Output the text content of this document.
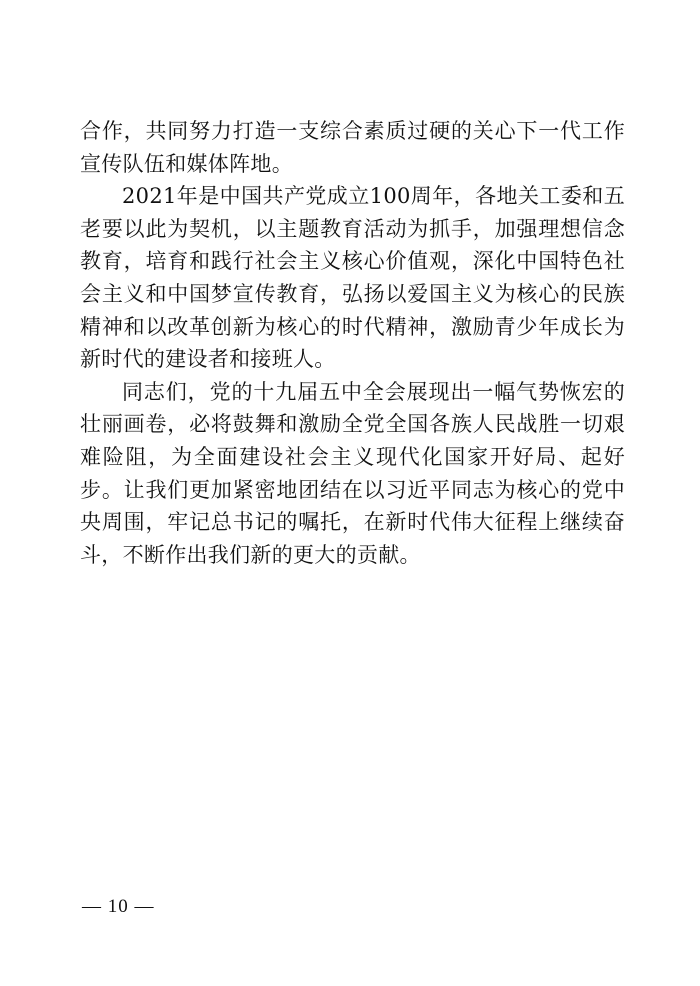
合作，共同努力打造一支综合素质过硬的关心下一代工作宣传队伍和媒体阵地。

2021年是中国共产党成立100周年，各地关工委和五老要以此为契机，以主题教育活动为抓手，加强理想信念教育，培育和践行社会主义核心价值观，深化中国特色社会主义和中国梦宣传教育，弘扬以爱国主义为核心的民族精神和以改革创新为核心的时代精神，激励青少年成长为新时代的建设者和接班人。

同志们，党的十九届五中全会展现出一幅气势恢宏的壮丽画卷，必将鼓舞和激励全党全国各族人民战胜一切艰难险阻，为全面建设社会主义现代化国家开好局、起好步。让我们更加紧密地团结在以习近平同志为核心的党中央周围，牢记总书记的嘱托，在新时代伟大征程上继续奋斗，不断作出我们新的更大的贡献。

— 10 —
